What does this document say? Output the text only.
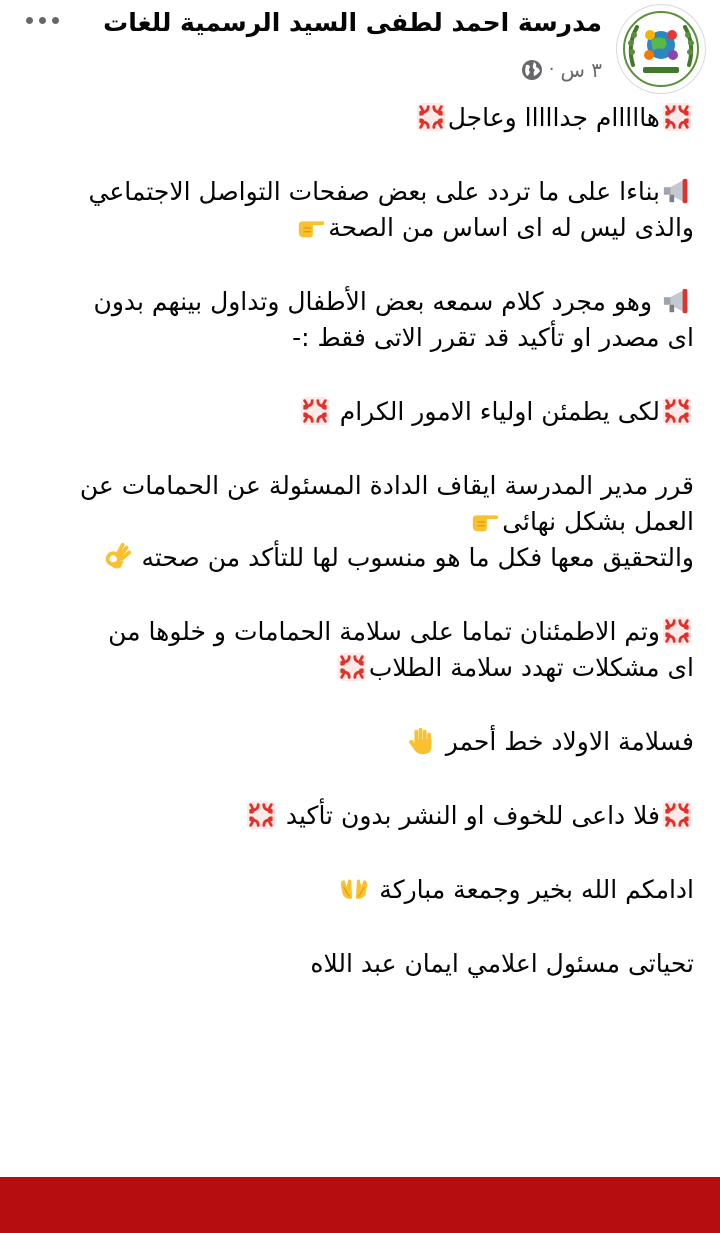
مدرسة احمد لطفى السيد الرسمية للغات
٣ س
·

هااااام جدااااا وعاجل

بناءا على ما تردد على بعض صفحات التواصل الاجتماعي
والذى ليس له اى اساس من الصحة

وهو مجرد كلام سمعه بعض الأطفال وتداول بينهم بدون
اى مصدر او تأكيد قد تقرر الاتى فقط :-

لكى يطمئن اولياء الامور الكرام

قرر مدير المدرسة ايقاف الدادة المسئولة عن الحمامات عن
العمل بشكل نهائى
والتحقيق معها فكل ما هو منسوب لها للتأكد من صحته

وتم الاطمئنان تماما على سلامة الحمامات و خلوها من
اى مشكلات تهدد سلامة الطلاب

فسلامة الاولاد خط أحمر

فلا داعى للخوف او النشر بدون تأكيد

ادامكم الله بخير وجمعة مباركة

تحياتى مسئول اعلامي ايمان عبد اللاه
